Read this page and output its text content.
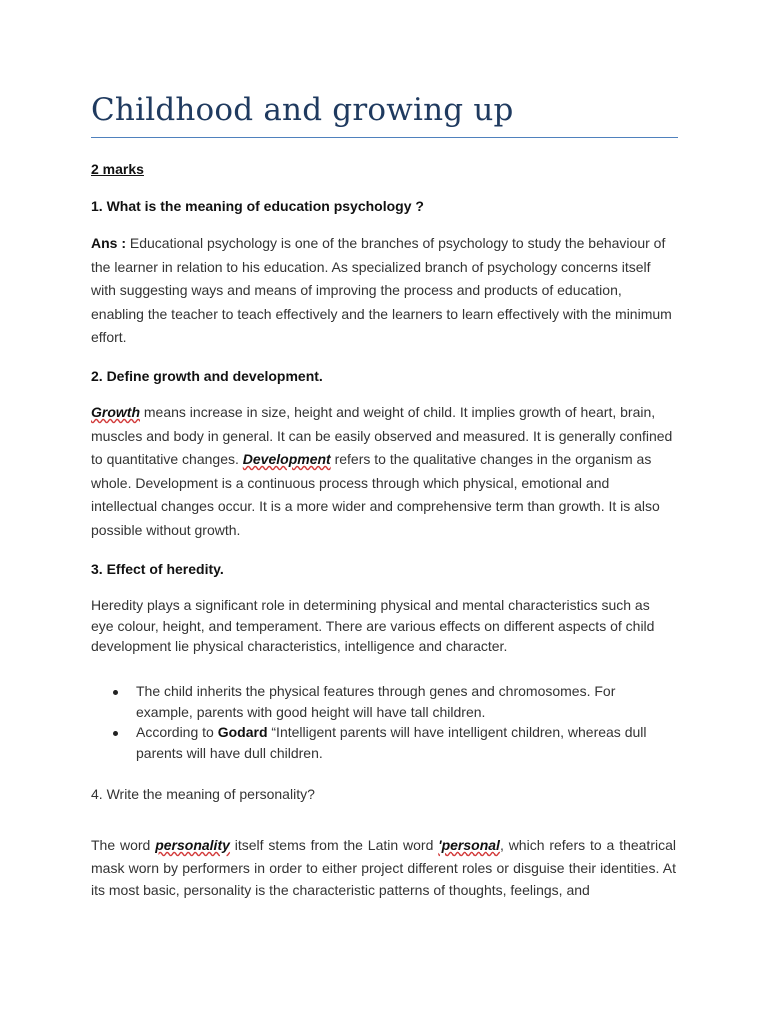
Childhood and growing up
2 marks
1. What is the meaning of education psychology ?

Ans : Educational psychology is one of the branches of psychology to study the behaviour of the learner in relation to his education. As specialized branch of psychology concerns itself with suggesting ways and means of improving the process and products of education, enabling the teacher to teach effectively and the learners to learn effectively with the minimum effort.

2. Define growth and development.

Growth means increase in size, height and weight of child. It implies growth of heart, brain, muscles and body in general. It can be easily observed and measured. It is generally confined to quantitative changes. Development refers to the qualitative changes in the organism as whole. Development is a continuous process through which physical, emotional and intellectual changes occur. It is a more wider and comprehensive term than growth. It is also possible without growth.

3. Effect of heredity.

Heredity plays a significant role in determining physical and mental characteristics such as eye colour, height, and temperament. There are various effects on different aspects of child development lie physical characteristics, intelligence and character.

The child inherits the physical features through genes and chromosomes. For example, parents with good height will have tall children.
According to Godard “Intelligent parents will have intelligent children, whereas dull parents will have dull children.
4. Write the meaning of personality?

The word personality itself stems from the Latin word 'personal, which refers to a theatrical mask worn by performers in order to either project different roles or disguise their identities. At its most basic, personality is the characteristic patterns of thoughts, feelings, and
